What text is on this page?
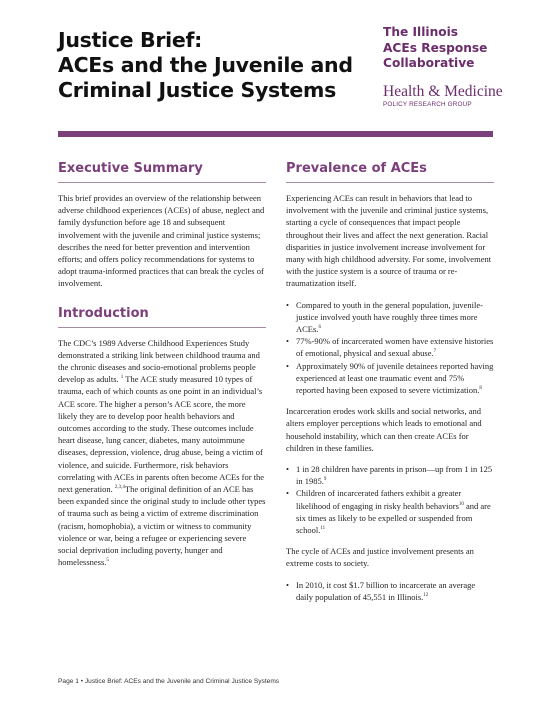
Justice Brief:
ACEs and the Juvenile and
Criminal Justice Systems
The Illinois
ACEs Response
Collaborative
Health & Medicine
POLICY RESEARCH GROUP
Executive Summary

This brief provides an overview of the relationship between adverse childhood experiences (ACEs) of abuse, neglect and family dysfunction before age 18 and subsequent involvement with the juvenile and criminal justice systems; describes the need for better prevention and intervention efforts; and offers policy recommendations for systems to adopt trauma-informed practices that can break the cycles of involvement.

Introduction

The CDC’s 1989 Adverse Childhood Experiences Study demonstrated a striking link between childhood trauma and the chronic diseases and socio-emotional problems people develop as adults. $^1$ The ACE study measured 10 types of trauma, each of which counts as one point in an individual’s ACE score. The higher a person’s ACE score, the more likely they are to develop poor health behaviors and outcomes according to the study. These outcomes include heart disease, lung cancer, diabetes, many autoimmune diseases, depression, violence, drug abuse, being a victim of violence, and suicide. Furthermore, risk behaviors correlating with ACEs in parents often become ACEs for the next generation. $^{2,3,4}$The original definition of an ACE has been expanded since the original study to include other types of trauma such as being a victim of extreme discrimination (racism, homophobia), a victim or witness to community violence or war, being a refugee or experiencing severe social deprivation including poverty, hunger and homelessness.$^5$

Prevalence of ACEs

Experiencing ACEs can result in behaviors that lead to involvement with the juvenile and criminal justice systems, starting a cycle of consequences that impact people throughout their lives and affect the next generation. Racial disparities in justice involvement increase involvement for many with high childhood adversity. For some, involvement with the justice system is a source of trauma or re-traumatization itself.

• Compared to youth in the general population, juvenile-justice involved youth have roughly three times more ACEs.$^6$
• 77%-90% of incarcerated women have extensive histories of emotional, physical and sexual abuse.$^7$
• Approximately 90% of juvenile detainees reported having experienced at least one traumatic event and 75% reported having been exposed to severe victimization.$^8$

Incarceration erodes work skills and social networks, and alters employer perceptions which leads to emotional and household instability, which can then create ACEs for children in these families.

• 1 in 28 children have parents in prison—up from 1 in 125 in 1985.$^9$
• Children of incarcerated fathers exhibit a greater likelihood of engaging in risky health behaviors$^{10}$ and are six times as likely to be expelled or suspended from school.$^{11}$

The cycle of ACEs and justice involvement presents an extreme costs to society.

• In 2010, it cost $1.7 billion to incarcerate an average daily population of 45,551 in Illinois.$^{12}$
Page 1 • Justice Brief: ACEs and the Juvenile and Criminal Justice Systems
